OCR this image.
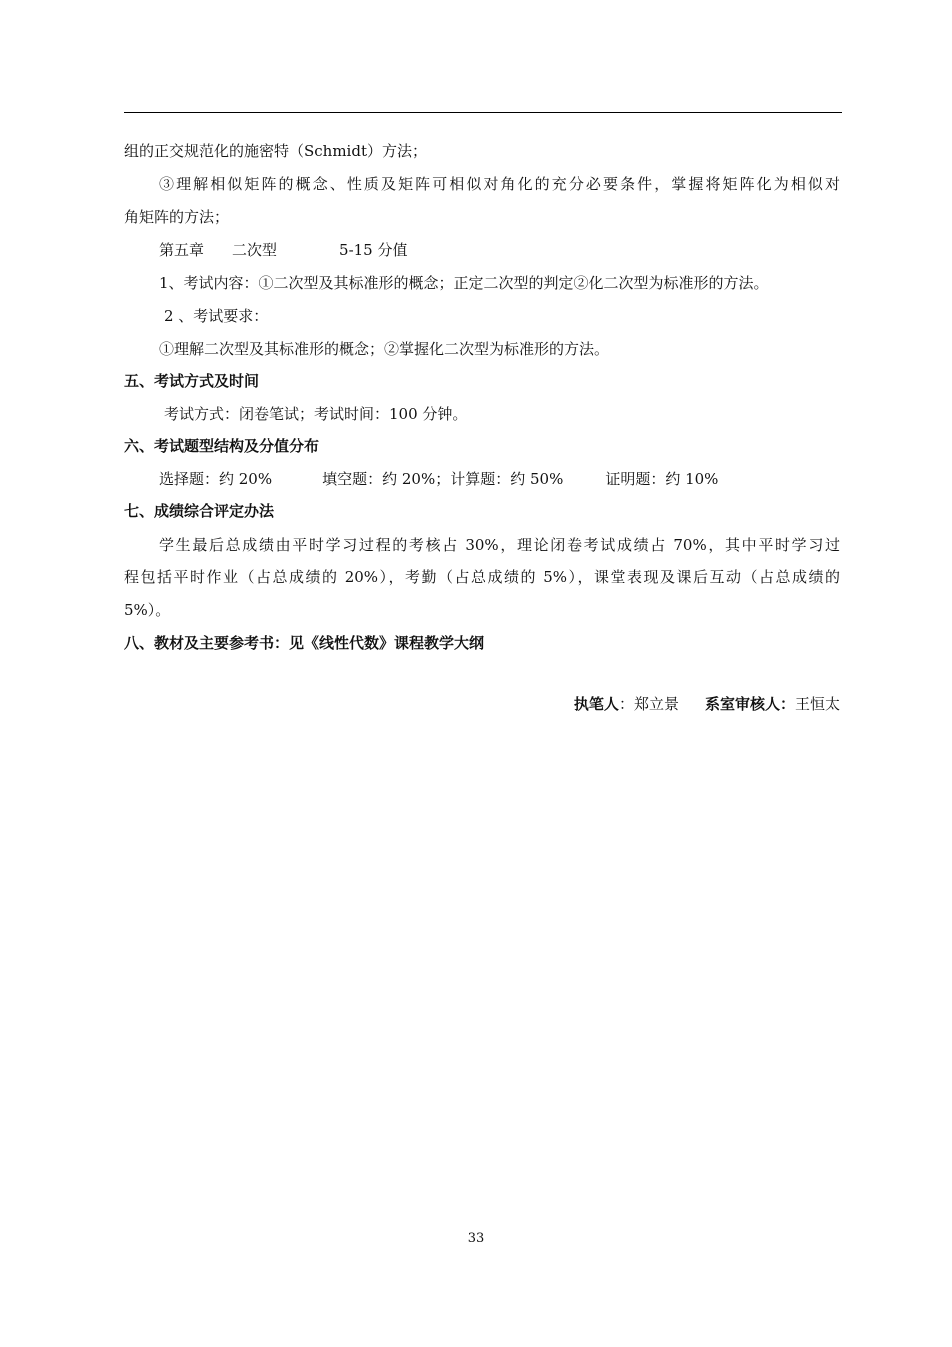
组的正交规范化的施密特（Schmidt）方法；
③理解相似矩阵的概念、性质及矩阵可相似对角化的充分必要条件，掌握将矩阵化为相似对
角矩阵的方法；
第五章 二次型	5-15 分值
1、考试内容：①二次型及其标准形的概念；正定二次型的判定②化二次型为标准形的方法。
2 、考试要求：
①理解二次型及其标准形的概念；②掌握化二次型为标准形的方法。
五、考试方式及时间
考试方式：闭卷笔试；考试时间：100 分钟。
六、考试题型结构及分值分布
选择题：约 20%	填空题：约 20%；计算题：约 50%	证明题：约 10%
七、成绩综合评定办法
学生最后总成绩由平时学习过程的考核占 30%，理论闭卷考试成绩占 70%，其中平时学习过
程包括平时作业（占总成绩的 20%），考勤（占总成绩的 5%），课堂表现及课后互动（占总成绩的
5%）。
八、教材及主要参考书：见《线性代数》课程教学大纲
执笔人：郑立景 系室审核人：王恒太
33
